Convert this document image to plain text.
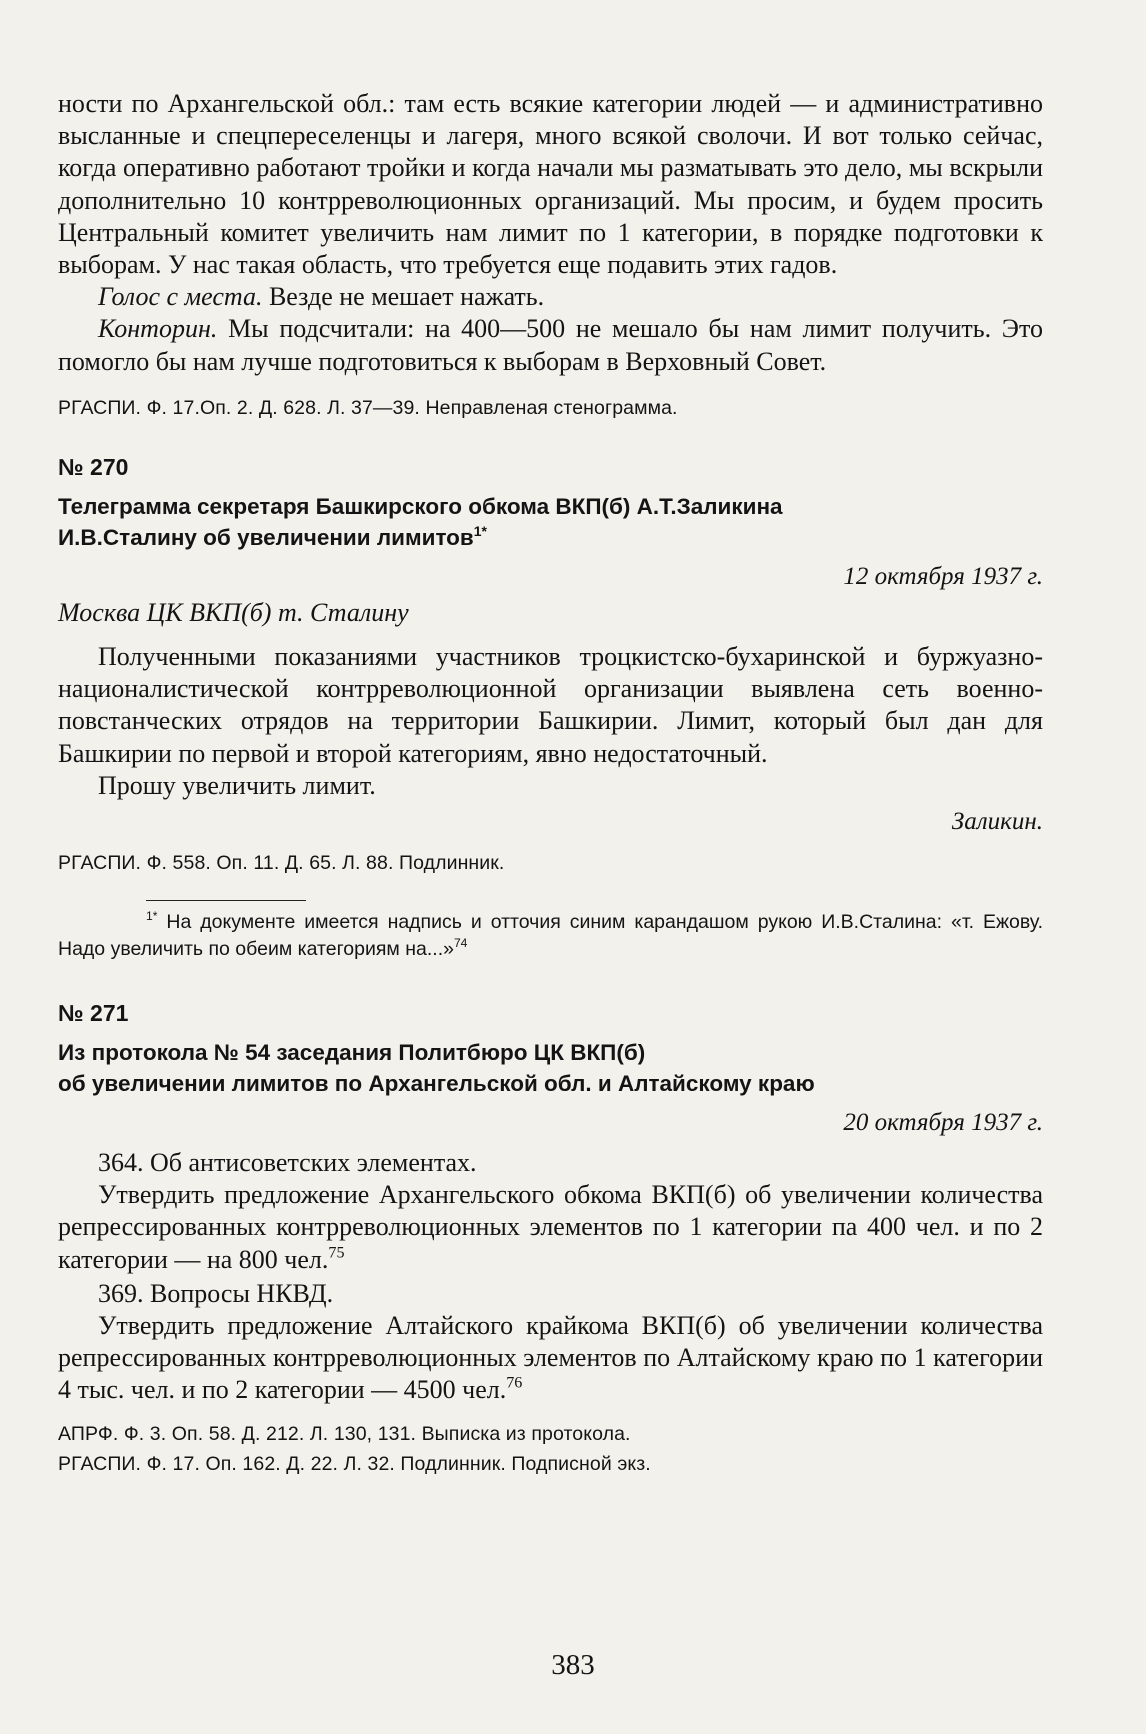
ности по Архангельской обл.: там есть всякие категории людей — и административно высланные и спецпереселенцы и лагеря, много всякой сволочи. И вот только сейчас, когда оперативно работают тройки и когда начали мы разматывать это дело, мы вскрыли дополнительно 10 контрреволюционных организаций. Мы просим, и будем просить Центральный комитет увеличить нам лимит по 1 категории, в порядке подготовки к выборам. У нас такая область, что требуется еще подавить этих гадов.

Голос с места. Везде не мешает нажать.

Конторин. Мы подсчитали: на 400—500 не мешало бы нам лимит получить. Это помогло бы нам лучше подготовиться к выборам в Верховный Совет.

РГАСПИ. Ф. 17.Оп. 2. Д. 628. Л. 37—39. Неправленая стенограмма.

№ 270

Телеграмма секретаря Башкирского обкома ВКП(б) А.Т.Заликина

И.В.Сталину об увеличении лимитов$^{1*}$

12 октября 1937 г.

Москва ЦК ВКП(б) т. Сталину

Полученными показаниями участников троцкистско-бухаринской и буржуазно-националистической контрреволюционной организации выявлена сеть военно-повстанческих отрядов на территории Башкирии. Лимит, который был дан для Башкирии по первой и второй категориям, явно недостаточный.

Прошу увеличить лимит.

Заликин.

РГАСПИ. Ф. 558. Оп. 11. Д. 65. Л. 88. Подлинник.

$^{1*}$ На документе имеется надпись и отточия синим карандашом рукою И.В.Сталина: «т. Ежову. Надо увеличить по обеим категориям на...»$^{74}$

№ 271

Из протокола № 54 заседания Политбюро ЦК ВКП(б)

об увеличении лимитов по Архангельской обл. и Алтайскому краю

20 октября 1937 г.

364. Об антисоветских элементах.

Утвердить предложение Архангельского обкома ВКП(б) об увеличении количества репрессированных контрреволюционных элементов по 1 категории па 400 чел. и по 2 категории — на 800 чел.$^{75}$

369. Вопросы НКВД.

Утвердить предложение Алтайского крайкома ВКП(б) об увеличении количества репрессированных контрреволюционных элементов по Алтайскому краю по 1 категории 4 тыс. чел. и по 2 категории — 4500 чел.$^{76}$

АПРФ. Ф. 3. Оп. 58. Д. 212. Л. 130, 131. Выписка из протокола.

РГАСПИ. Ф. 17. Оп. 162. Д. 22. Л. 32. Подлинник. Подписной экз.

383
